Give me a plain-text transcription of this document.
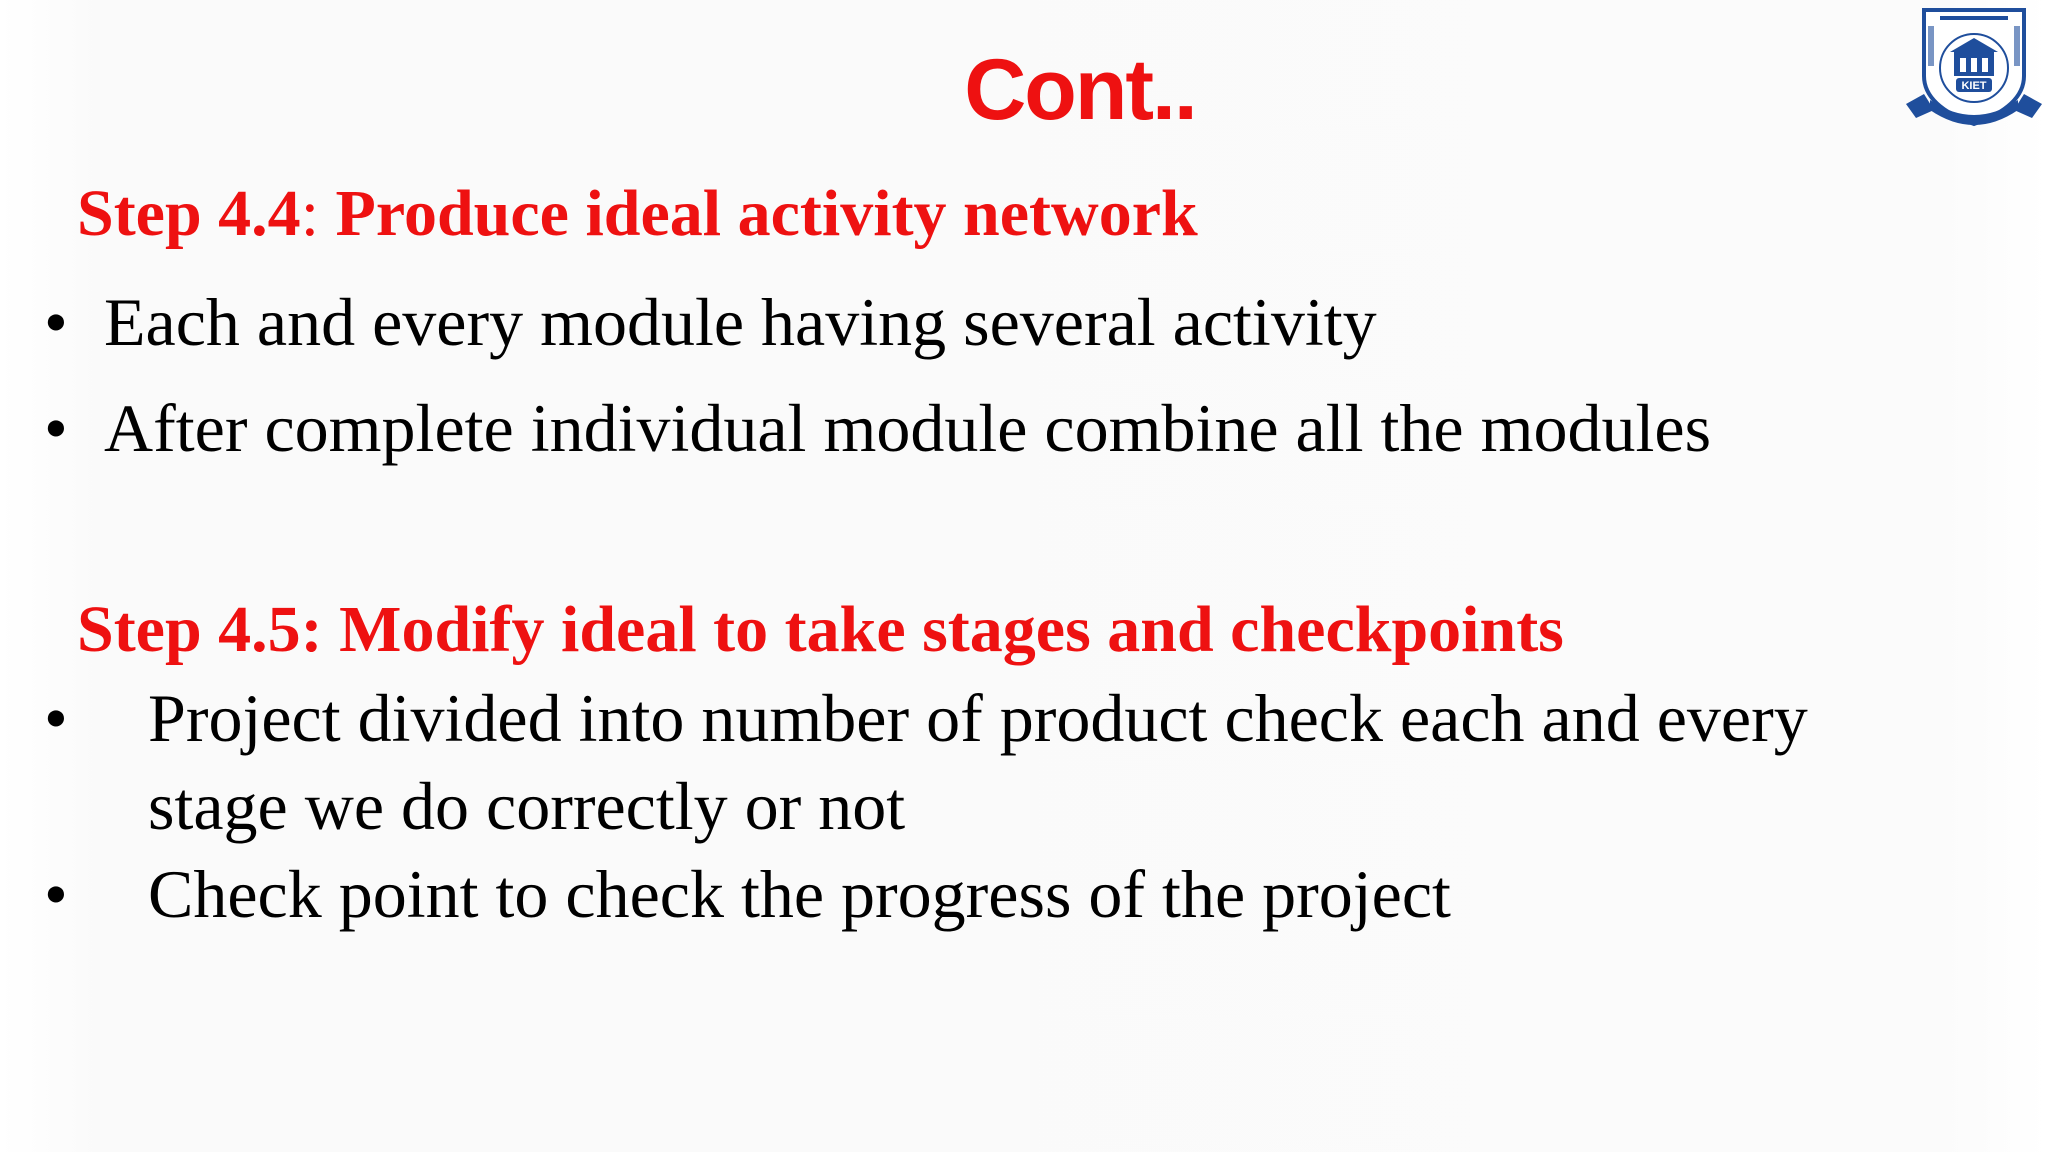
Cont..	KIET
Step 4.4: Produce ideal activity network
• Each and every module having several activity
• After complete individual module combine all the modules
Step 4.5: Modify ideal to take stages and checkpoints
• Project divided into number of product check each and every
stage we do correctly or not
• Check point to check the progress of the project
